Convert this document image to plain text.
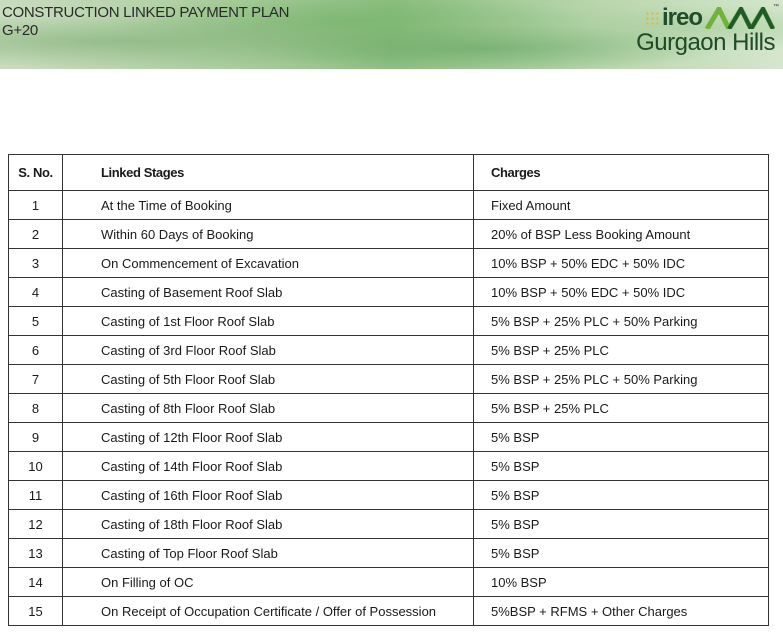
CONSTRUCTION LINKED PAYMENT PLAN
G+20
™
ireo
Gurgaon Hills
S. No.	Linked Stages	Charges
1	At the Time of Booking	Fixed Amount
2	Within 60 Days of Booking	20% of BSP Less Booking Amount
3	On Commencement of Excavation	10% BSP + 50% EDC + 50% IDC
4	Casting of Basement Roof Slab	10% BSP + 50% EDC + 50% IDC
5	Casting of 1st Floor Roof Slab	5% BSP + 25% PLC + 50% Parking
6	Casting of 3rd Floor Roof Slab	5% BSP + 25% PLC
7	Casting of 5th Floor Roof Slab	5% BSP + 25% PLC + 50% Parking
8	Casting of 8th Floor Roof Slab	5% BSP + 25% PLC
9	Casting of 12th Floor Roof Slab	5% BSP
10	Casting of 14th Floor Roof Slab	5% BSP
11	Casting of 16th Floor Roof Slab	5% BSP
12	Casting of 18th Floor Roof Slab	5% BSP
13	Casting of Top Floor Roof Slab	5% BSP
14	On Filling of OC	10% BSP
15	On Receipt of Occupation Certificate / Offer of Possession	5%BSP + RFMS + Other Charges
